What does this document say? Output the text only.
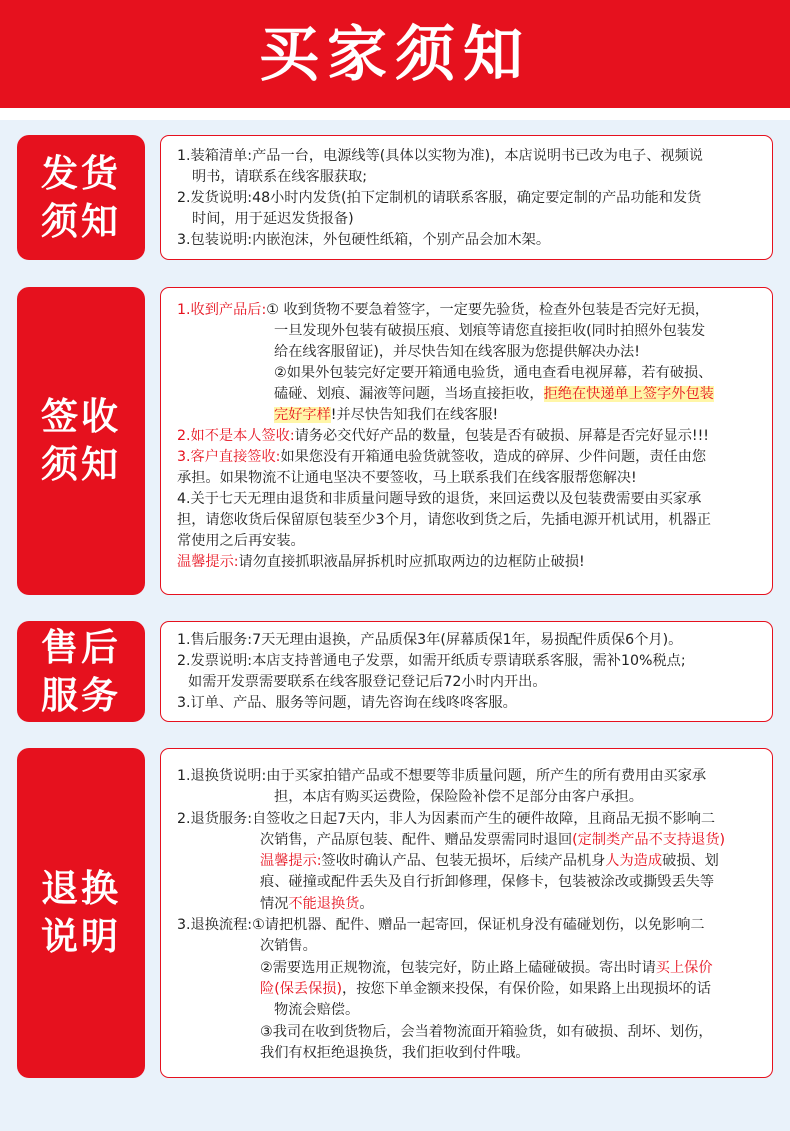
买家须知
发货
须知
1.装箱清单:产品一台，电源线等(具体以实物为准)，本店说明书已改为电子、视频说
明书，请联系在线客服获取;
2.发货说明:48小时内发货(拍下定制机的请联系客服，确定要定制的产品功能和发货
时间，用于延迟发货报备)
3.包装说明:内嵌泡沫，外包硬性纸箱，个别产品会加木架。
签收
须知
1.收到产品后:① 收到货物不要急着签字，一定要先验货，检查外包装是否完好无损，
一旦发现外包装有破损压痕、划痕等请您直接拒收(同时拍照外包装发
给在线客服留证)，并尽快告知在线客服为您提供解决办法!
②如果外包装完好定要开箱通电验货，通电查看电视屏幕，若有破损、
磕碰、划痕、漏液等问题，当场直接拒收，拒绝在快递单上签字外包装
完好字样!并尽快告知我们在线客服!
2.如不是本人签收:请务必交代好产品的数量，包装是否有破损、屏幕是否完好显示!!!
3.客户直接签收:如果您没有开箱通电验货就签收，造成的碎屏、少件问题，责任由您
承担。如果物流不让通电坚决不要签收，马上联系我们在线客服帮您解决!
4.关于七天无理由退货和非质量问题导致的退货，来回运费以及包装费需要由买家承
担，请您收货后保留原包装至少3个月，请您收到货之后，先插电源开机试用，机器正
常使用之后再安装。
温馨提示:请勿直接抓职液晶屏拆机时应抓取两边的边框防止破损!
售后
服务
1.售后服务:7天无理由退换，产品质保3年(屏幕质保1年，易损配件质保6个月)。
2.发票说明:本店支持普通电子发票，如需开纸质专票请联系客服，需补10%税点;
如需开发票需要联系在线客服登记登记后72小时内开出。
3.订单、产品、服务等问题，请先咨询在线咚咚客服。
退换
说明
1.退换货说明:由于买家拍错产品或不想要等非质量问题，所产生的所有费用由买家承
担，本店有购买运费险，保险险补偿不足部分由客户承担。
2.退货服务:自签收之日起7天内，非人为因素而产生的硬件故障，且商品无损不影响二
次销售，产品原包装、配件、赠品发票需同时退回(定制类产品不支持退货)
温馨提示:签收时确认产品、包装无损坏，后续产品机身人为造成破损、划
痕、碰撞或配件丢失及自行折卸修理，保修卡，包装被涂改或撕毁丢失等
情况不能退换货。
3.退换流程:①请把机器、配件、赠品一起寄回，保证机身没有磕碰划伤，以免影响二
次销售。
②需要选用正规物流，包装完好，防止路上磕碰破损。寄出时请买上保价
险(保丢保损)，按您下单金额来投保，有保价险，如果路上出现损坏的话
物流会赔偿。
③我司在收到货物后，会当着物流面开箱验货，如有破损、刮坏、划伤，
我们有权拒绝退换货，我们拒收到付件哦。
